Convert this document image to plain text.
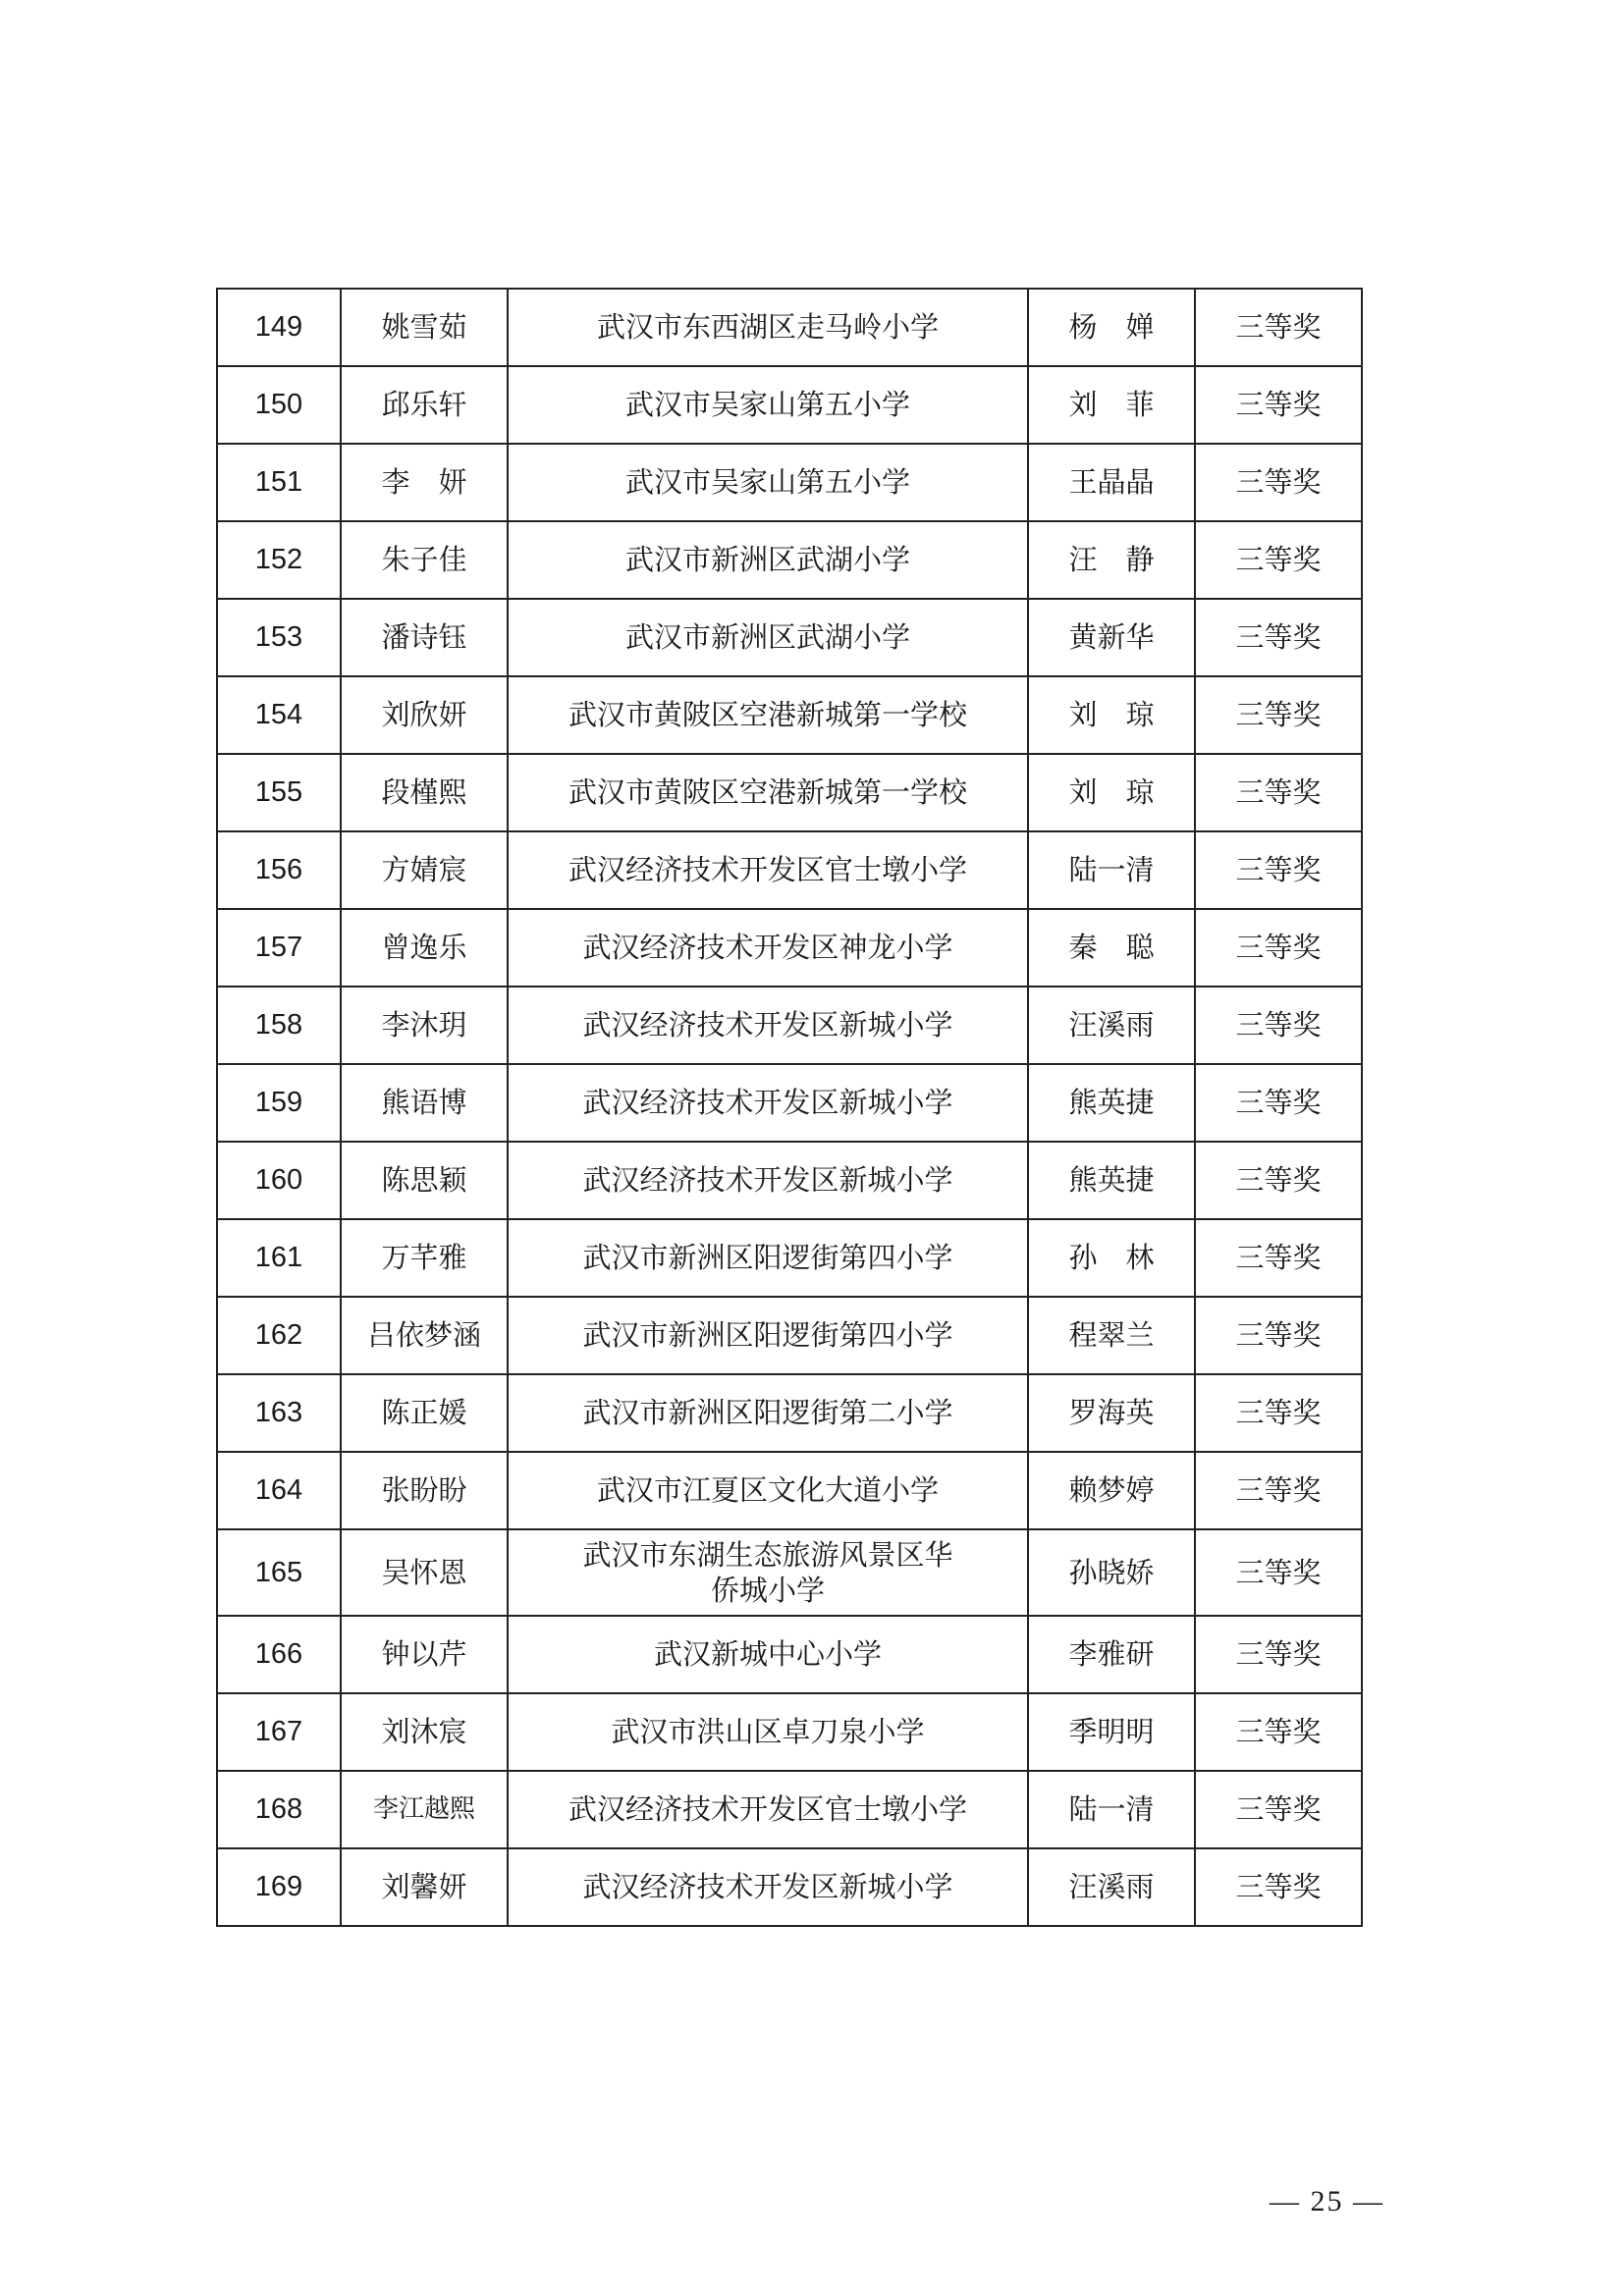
149	姚雪茹	武汉市东西湖区走马岭小学	杨　婵	三等奖
150	邱乐轩	武汉市吴家山第五小学	刘　菲	三等奖
151	李　妍	武汉市吴家山第五小学	王晶晶	三等奖
152	朱子佳	武汉市新洲区武湖小学	汪　静	三等奖
153	潘诗钰	武汉市新洲区武湖小学	黄新华	三等奖
154	刘欣妍	武汉市黄陂区空港新城第一学校	刘　琼	三等奖
155	段槿熙	武汉市黄陂区空港新城第一学校	刘　琼	三等奖
156	方婧宸	武汉经济技术开发区官士墩小学	陆一清	三等奖
157	曾逸乐	武汉经济技术开发区神龙小学	秦　聪	三等奖
158	李沐玥	武汉经济技术开发区新城小学	汪溪雨	三等奖
159	熊语博	武汉经济技术开发区新城小学	熊英捷	三等奖
160	陈思颖	武汉经济技术开发区新城小学	熊英捷	三等奖
161	万芊雅	武汉市新洲区阳逻街第四小学	孙　林	三等奖
162	吕依梦涵	武汉市新洲区阳逻街第四小学	程翠兰	三等奖
163	陈正媛	武汉市新洲区阳逻街第二小学	罗海英	三等奖
164	张盼盼	武汉市江夏区文化大道小学	赖梦婷	三等奖
165	吴怀恩	武汉市东湖生态旅游风景区华侨城小学	孙晓娇	三等奖
166	钟以芹	武汉新城中心小学	李雅研	三等奖
167	刘沐宸	武汉市洪山区卓刀泉小学	季明明	三等奖
168	李江越熙	武汉经济技术开发区官士墩小学	陆一清	三等奖
169	刘馨妍	武汉经济技术开发区新城小学	汪溪雨	三等奖
— 25 —
